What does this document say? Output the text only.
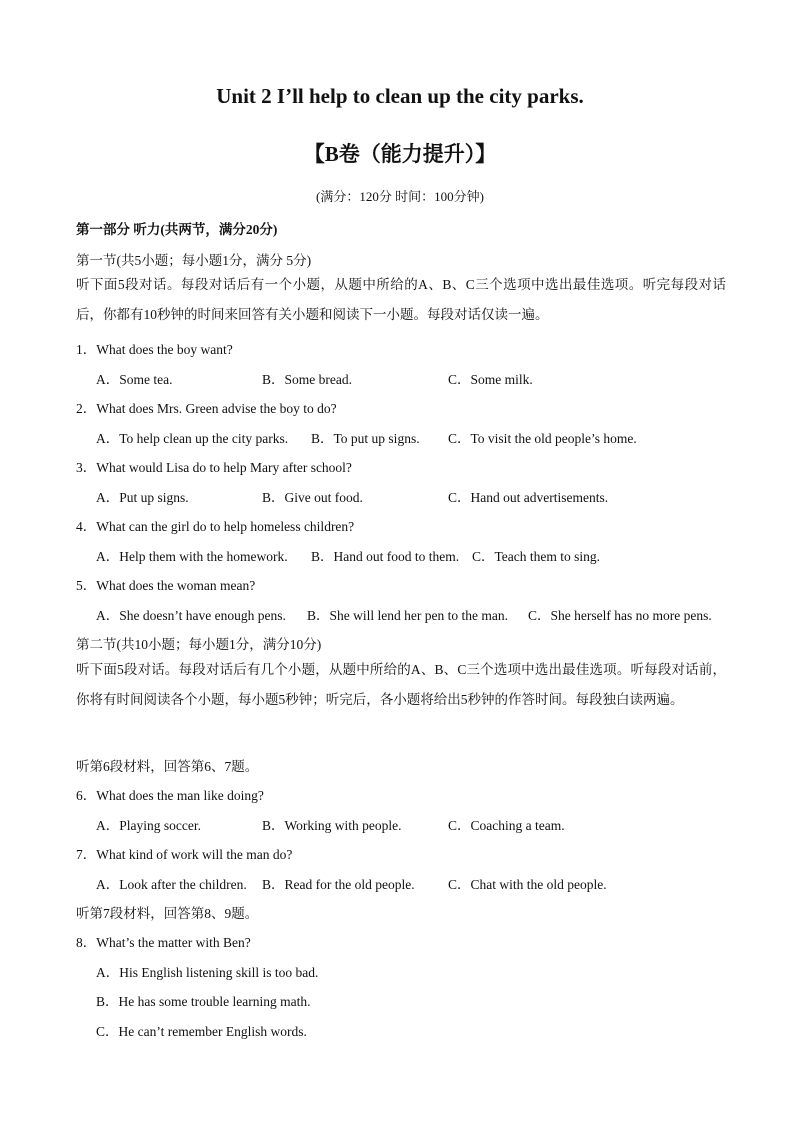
Unit 2 I’ll help to clean up the city parks.
【B卷（能力提升）】
(满分：120分 时间：100分钟)
第一部分 听力(共两节，满分20分)
第一节(共5小题；每小题1分，满分 5分)
听下面5段对话。每段对话后有一个小题，从题中所给的A、B、C三个选项中选出最佳选项。听完每段对话后，你都有10秒钟的时间来回答有关小题和阅读下一小题。每段对话仅读一遍。
1．What does the boy want?
A．Some tea.	B．Some bread.	C．Some milk.
2．What does Mrs. Green advise the boy to do?
A．To help clean up the city parks. B．To put up signs. C．To visit the old people’s home.
3．What would Lisa do to help Mary after school?
A．Put up signs.	B．Give out food.	C．Hand out advertisements.
4．What can the girl do to help homeless children?
A．Help them with the homework. B．Hand out food to them. C．Teach them to sing.
5．What does the woman mean?
A．She doesn’t have enough pens. B．She will lend her pen to the man. C．She herself has no more pens.
第二节(共10小题；每小题1分，满分10分)
听下面5段对话。每段对话后有几个小题，从题中所给的A、B、C三个选项中选出最佳选项。听每段对话前，你将有时间阅读各个小题，每小题5秒钟；听完后，各小题将给出5秒钟的作答时间。每段独白读两遍。
听第6段材料，回答第6、7题。
6．What does the man like doing?
A．Playing soccer.	B．Working with people.	C．Coaching a team.
7．What kind of work will the man do?
A．Look after the children. B．Read for the old people. C．Chat with the old people.
听第7段材料，回答第8、9题。
8．What’s the matter with Ben?
A．His English listening skill is too bad.
B．He has some trouble learning math.
C．He can’t remember English words.
